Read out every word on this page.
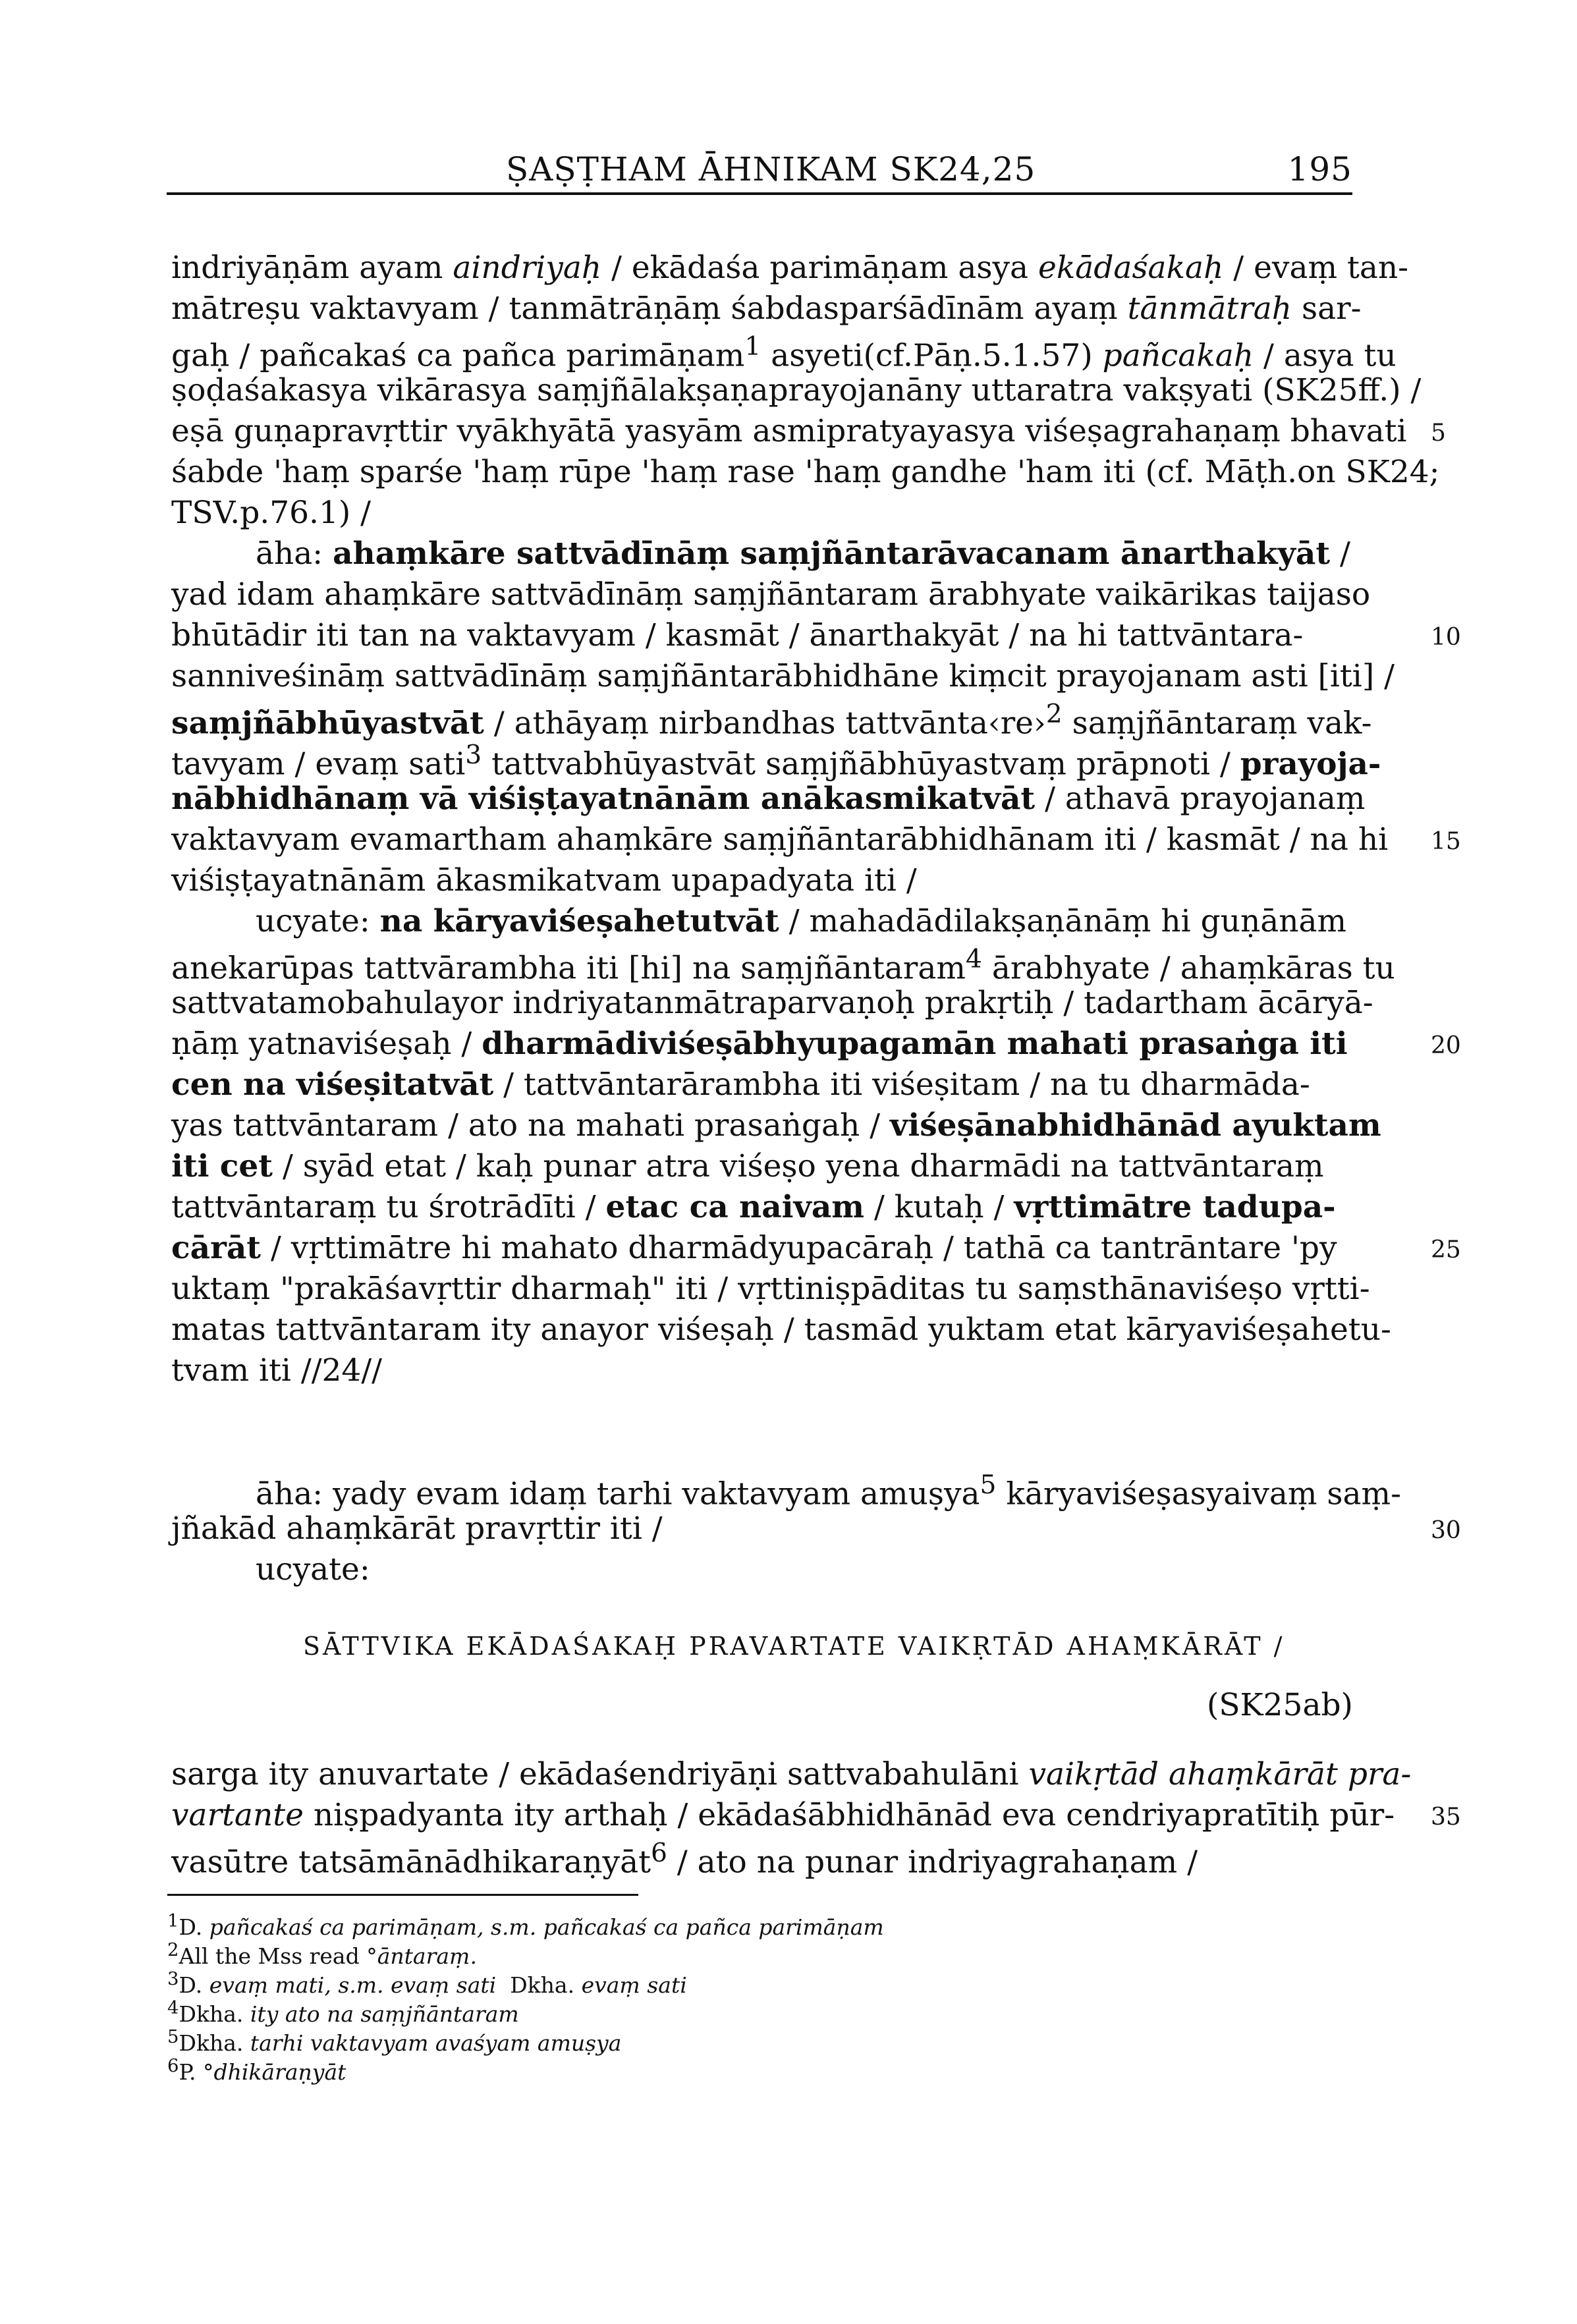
ṢAṢṬHAM ĀHNIKAM SK24,25	195
indriyāṇām ayam aindriyaḥ / ekādaśa parimāṇam asya ekādaśakaḥ / evaṃ tan-
mātreṣu vaktavyam / tanmātrāṇāṃ śabdasparśādīnām ayaṃ tānmātraḥ sar-
gaḥ / pañcakaś ca pañca parimāṇam$^1$ asyeti(cf.Pāṇ.5.1.57) pañcakaḥ / asya tu
ṣoḍaśakasya vikārasya saṃjñālakṣaṇaprayojanāny uttaratra vakṣyati (SK25ff.) /
eṣā guṇapravṛttir vyākhyātā yasyām asmipratyayasya viśeṣagrahaṇaṃ bhavati
śabde 'haṃ sparśe 'haṃ rūpe 'haṃ rase 'haṃ gandhe 'ham iti (cf. Māṭh.on SK24;
TSV.p.76.1) /
āha: ahaṃkāre sattvādīnāṃ saṃjñāntarāvacanam ānarthakyāt /
yad idam ahaṃkāre sattvādīnāṃ saṃjñāntaram ārabhyate vaikārikas taijaso
bhūtādir iti tan na vaktavyam / kasmāt / ānarthakyāt / na hi tattvāntara-
sanniveśināṃ sattvādīnāṃ saṃjñāntarābhidhāne kiṃcit prayojanam asti [iti] /
saṃjñābhūyastvāt / athāyaṃ nirbandhas tattvānta‹re›$^2$ saṃjñāntaraṃ vak-
tavyam / evaṃ sati$^3$ tattvabhūyastvāt saṃjñābhūyastvaṃ prāpnoti / prayoja-
nābhidhānaṃ vā viśiṣṭayatnānām anākasmikatvāt / athavā prayojanaṃ
vaktavyam evamartham ahaṃkāre saṃjñāntarābhidhānam iti / kasmāt / na hi
viśiṣṭayatnānām ākasmikatvam upapadyata iti /
ucyate: na kāryaviśeṣahetutvāt / mahadādilakṣaṇānāṃ hi guṇānām
anekarūpas tattvārambha iti [hi] na saṃjñāntaram$^4$ ārabhyate / ahaṃkāras tu
sattvatamobahulayor indriyatanmātraparvaṇoḥ prakṛtiḥ / tadartham ācāryā-
ṇāṃ yatnaviśeṣaḥ / dharmādiviśeṣābhyupagamān mahati prasaṅga iti
cen na viśeṣitatvāt / tattvāntarārambha iti viśeṣitam / na tu dharmāda-
yas tattvāntaram / ato na mahati prasaṅgaḥ / viśeṣānabhidhānād ayuktam
iti cet / syād etat / kaḥ punar atra viśeṣo yena dharmādi na tattvāntaraṃ
tattvāntaraṃ tu śrotrādīti / etac ca naivam / kutaḥ / vṛttimātre tadupa-
cārāt / vṛttimātre hi mahato dharmādyupacāraḥ / tathā ca tantrāntare 'py
uktaṃ "prakāśavṛttir dharmaḥ" iti / vṛttiniṣpāditas tu saṃsthānaviśeṣo vṛtti-
matas tattvāntaram ity anayor viśeṣaḥ / tasmād yuktam etat kāryaviśeṣahetu-
tvam iti //24//
āha: yady evam idaṃ tarhi vaktavyam amuṣya$^5$ kāryaviśeṣasyaivaṃ saṃ-
jñakād ahaṃkārāt pravṛttir iti /
ucyate:
SĀTTVIKA EKĀDAŚAKAḤ PRAVARTATE VAIKṚTĀD AHAṂKĀRĀT /
(SK25ab)
sarga ity anuvartate / ekādaśendriyāṇi sattvabahulāni vaikṛtād ahaṃkārāt pra-
vartante niṣpadyanta ity arthaḥ / ekādaśābhidhānād eva cendriyapratītiḥ pūr-
vasūtre tatsāmānādhikaraṇyāt$^6$ / ato na punar indriyagrahaṇam /
5
10
15
20
25
30
35
$^1$D. pañcakaś ca parimāṇam, s.m. pañcakaś ca pañca parimāṇam
$^2$All the Mss read °āntaraṃ.
$^3$D. evaṃ mati, s.m. evaṃ sati  Dkha. evaṃ sati
$^4$Dkha. ity ato na saṃjñāntaram
$^5$Dkha. tarhi vaktavyam avaśyam amuṣya
$^6$P. °dhikāraṇyāt
